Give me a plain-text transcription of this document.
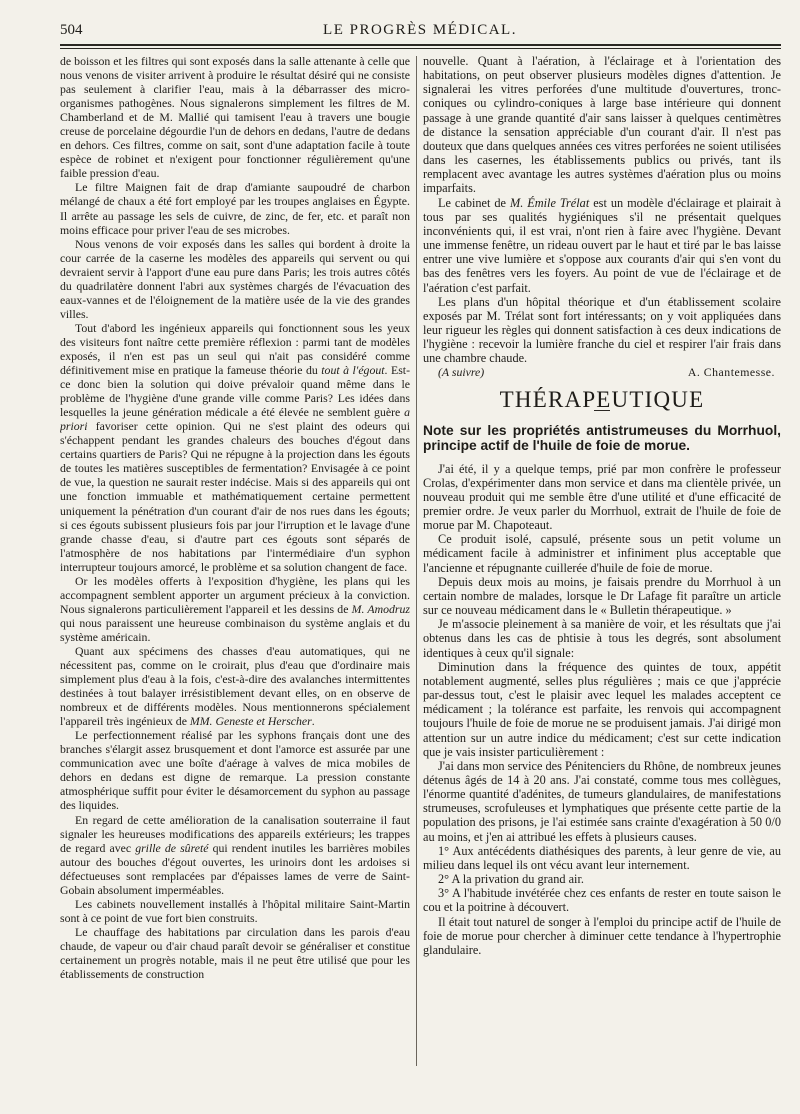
504	LE PROGRÈS MÉDICAL.

de boisson et les filtres qui sont exposés dans la salle attenante à celle que nous venons de visiter arrivent à produire le résultat désiré qui ne consiste pas seulement à clarifier l'eau, mais à la débarrasser des micro-organismes pathogènes. Nous signalerons simplement les filtres de M. Chamberland et de M. Mallié qui tamisent l'eau à travers une bougie creuse de porcelaine dégourdie l'un de dehors en dedans, l'autre de dedans en dehors. Ces filtres, comme on sait, sont d'une adaptation facile à toute espèce de robinet et n'exigent pour fonctionner régulièrement qu'une faible pression d'eau.

Le filtre Maignen fait de drap d'amiante saupoudré de charbon mélangé de chaux a été fort employé par les troupes anglaises en Égypte. Il arrête au passage les sels de cuivre, de zinc, de fer, etc. et paraît non moins efficace pour priver l'eau de ses microbes.

Nous venons de voir exposés dans les salles qui bordent à droite la cour carrée de la caserne les modèles des appareils qui servent ou qui devraient servir à l'apport d'une eau pure dans Paris; les trois autres côtés du quadrilatère donnent l'abri aux systèmes chargés de l'évacuation des eaux-vannes et de l'éloignement de la matière usée de la vie des grandes villes.

Tout d'abord les ingénieux appareils qui fonctionnent sous les yeux des visiteurs font naître cette première réflexion : parmi tant de modèles exposés, il n'en est pas un seul qui n'ait pas considéré comme définitivement mise en pratique la fameuse théorie du tout à l'égout. Est-ce donc bien la solution qui doive prévaloir quand même dans le problème de l'hygiène d'une grande ville comme Paris? Les idées dans lesquelles la jeune génération médicale a été élevée ne semblent guère a priori favoriser cette opinion. Qui ne s'est plaint des odeurs qui s'échappent pendant les grandes chaleurs des bouches d'égout dans certains quartiers de Paris? Qui ne répugne à la projection dans les égouts de toutes les matières susceptibles de fermentation? Envisagée à ce point de vue, la question ne saurait rester indécise. Mais si des appareils qui ont une fonction immuable et mathématiquement certaine permettent uniquement la pénétration d'un courant d'air de nos rues dans les égouts; si ces égouts subissent plusieurs fois par jour l'irruption et le lavage d'une grande chasse d'eau, si d'autre part ces égouts sont séparés de l'atmosphère de nos habitations par l'intermédiaire d'un syphon interrupteur toujours amorcé, le problème et sa solution changent de face.

Or les modèles offerts à l'exposition d'hygiène, les plans qui les accompagnent semblent apporter un argument précieux à la conviction. Nous signalerons particulièrement l'appareil et les dessins de M. Amodruz qui nous paraissent une heureuse combinaison du système anglais et du système américain.

Quant aux spécimens des chasses d'eau automatiques, qui ne nécessitent pas, comme on le croirait, plus d'eau que d'ordinaire mais simplement plus d'eau à la fois, c'est-à-dire des avalanches intermittentes destinées à tout balayer irrésistiblement devant elles, on en observe de nombreux et de différents modèles. Nous mentionnerons spécialement l'appareil très ingénieux de MM. Geneste et Herscher.

Le perfectionnement réalisé par les syphons français dont une des branches s'élargit assez brusquement et dont l'amorce est assurée par une communication avec une boîte d'aérage à valves de mica mobiles de dehors en dedans est digne de remarque. La pression constante atmosphérique suffit pour éviter le désamorcement du syphon au passage des liquides.

En regard de cette amélioration de la canalisation souterraine il faut signaler les heureuses modifications des appareils extérieurs; les trappes de regard avec grille de sûreté qui rendent inutiles les barrières mobiles autour des bouches d'égout ouvertes, les urinoirs dont les ardoises si défectueuses sont remplacées par d'épaisses lames de verre de Saint-Gobain absolument imperméables.

Les cabinets nouvellement installés à l'hôpital militaire Saint-Martin sont à ce point de vue fort bien construits.

Le chauffage des habitations par circulation dans les parois d'eau chaude, de vapeur ou d'air chaud paraît devoir se généraliser et constitue certainement un progrès notable, mais il ne peut être utilisé que pour les établissements de construction

nouvelle. Quant à l'aération, à l'éclairage et à l'orientation des habitations, on peut observer plusieurs modèles dignes d'attention. Je signalerai les vitres perforées d'une multitude d'ouvertures, tronc-coniques ou cylindro-coniques à large base intérieure qui donnent passage à une grande quantité d'air sans laisser à quelques centimètres de distance la sensation appréciable d'un courant d'air. Il n'est pas douteux que dans quelques années ces vitres perforées ne soient utilisées dans les casernes, les établissements publics ou privés, tant ils remplacent avec avantage les autres systèmes d'aération plus ou moins imparfaits.

Le cabinet de M. Émile Trélat est un modèle d'éclairage et plairait à tous par ses qualités hygiéniques s'il ne présentait quelques inconvénients qui, il est vrai, n'ont rien à faire avec l'hygiène. Devant une immense fenêtre, un rideau ouvert par le haut et tiré par le bas laisse entrer une vive lumière et s'oppose aux courants d'air qui s'en vont du bas des fenêtres vers les foyers. Au point de vue de l'éclairage et de l'aération c'est parfait.

Les plans d'un hôpital théorique et d'un établissement scolaire exposés par M. Trélat sont fort intéressants; on y voit appliquées dans leur rigueur les règles qui donnent satisfaction à ces deux indications de l'hygiène : recevoir la lumière franche du ciel et respirer l'air frais dans une chambre chaude.

(A suivre)	A. Chantemesse.
THÉRAPEUTIQUE
Note sur les propriétés antistrumeuses du Morrhuol, principe actif de l'huile de foie de morue.

J'ai été, il y a quelque temps, prié par mon confrère le professeur Crolas, d'expérimenter dans mon service et dans ma clientèle privée, un nouveau produit qui me semble être d'une utilité et d'une efficacité de premier ordre. Je veux parler du Morrhuol, extrait de l'huile de foie de morue par M. Chapoteaut.

Ce produit isolé, capsulé, présente sous un petit volume un médicament facile à administrer et infiniment plus acceptable que l'ancienne et répugnante cuillerée d'huile de foie de morue.

Depuis deux mois au moins, je faisais prendre du Morrhuol à un certain nombre de malades, lorsque le Dr Lafage fit paraître un article sur ce nouveau médicament dans le « Bulletin thérapeutique. »

Je m'associe pleinement à sa manière de voir, et les résultats que j'ai obtenus dans les cas de phtisie à tous les degrés, sont absolument identiques à ceux qu'il signale:

Diminution dans la fréquence des quintes de toux, appétit notablement augmenté, selles plus régulières ; mais ce que j'apprécie par-dessus tout, c'est le plaisir avec lequel les malades acceptent ce médicament ; la tolérance est parfaite, les renvois qui accompagnent toujours l'huile de foie de morue ne se produisent jamais. J'ai dirigé mon attention sur un autre indice du médicament; c'est sur cette indication que je vais insister particulièrement :

J'ai dans mon service des Pénitenciers du Rhône, de nombreux jeunes détenus âgés de 14 à 20 ans. J'ai constaté, comme tous mes collègues, l'énorme quantité d'adénites, de tumeurs glandulaires, de manifestations strumeuses, scrofuleuses et lymphatiques que présente cette partie de la population des prisons, je l'ai estimée sans crainte d'exagération à 50 0/0 au moins, et j'en ai attribué les effets à plusieurs causes.

1° Aux antécédents diathésiques des parents, à leur genre de vie, au milieu dans lequel ils ont vécu avant leur internement.

2° A la privation du grand air.

3° A l'habitude invétérée chez ces enfants de rester en toute saison le cou et la poitrine à découvert.

Il était tout naturel de songer à l'emploi du principe actif de l'huile de foie de morue pour chercher à diminuer cette tendance à l'hypertrophie glandulaire.
